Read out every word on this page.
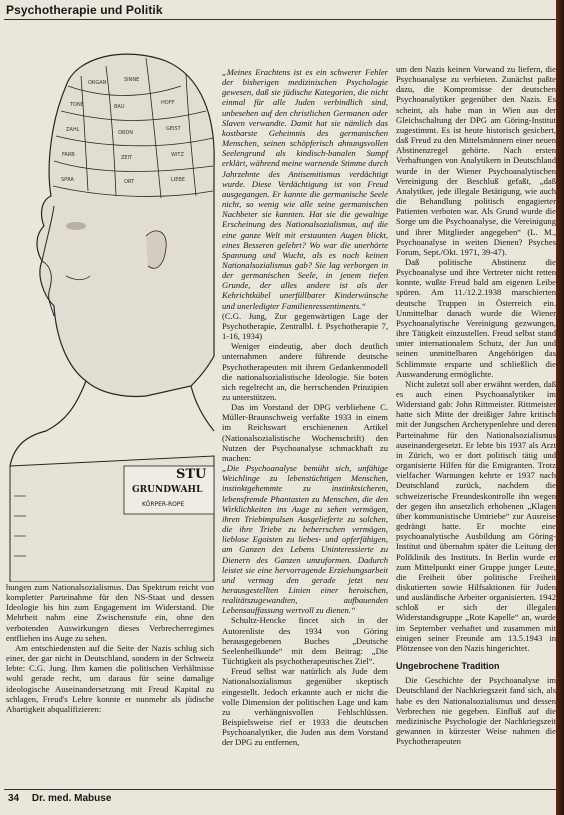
Psychotherapie und Politik
ORGAN	SINNE
TONE	BAU
HOFF
ZAHL	ORDN
GEIST
FARB	ZEIT	WITZ
SPRA	ORT	LIEBE
STU
GRUNDWAHL
KÖRPER-ROPE

hungen zum Nationalsozialismus. Das Spektrum reicht von kompletter Parteinahme für den NS-Staat und dessen Ideologie bis hin zum Engagement im Widerstand. Die Mehrheit nahm eine Zwischenstufe ein, ohne den verbotenden Auswirkungen dieses Verbrecherregimes entfliehen ins Auge zu sehen.

Am entschiedensten auf die Seite der Nazis schlug sich einer, der gar nicht in Deutschland, sondern in der Schweiz lebte: C.G. Jung. Ihm kamen die politischen Verhältnisse wohl gerade recht, um daraus für seine damalige ideologische Auseinandersetzung mit Freud Kapital zu schlagen, Freud's Lehre konnte er nunmehr als jüdische Abartigkeit abqualifizieren:

„Meines Erachtens ist es ein schwerer Fehler der bisherigen medizinischen Psychologie gewesen, daß sie jüdische Kategorien, die nicht einmal für alle Juden verbindlich sind, unbesehen auf den christlichen Germanen oder Slaven verwandte. Damit hat sie nämlich das kostbarste Geheimnis des germanischen Menschen, seinen schöpferisch ahnungsvollen Seelengrund als kindisch-banalen Sumpf erklärt, während meine warnende Stimme durch Jahrzehnte des Antisemitismus verdächtigt wurde. Diese Verdächtigung ist von Freud ausgegangen. Er kannte die germanische Seele nicht, so wenig wie alle seine germanischen Nachbeter sie kannten. Hat sie die gewaltige Erscheinung des Nationalsozialismus, auf die eine ganze Welt mit erstaunten Augen blickt, eines Besseren gelehrt? Wo war die unerhörte Spannung und Wucht, als es noch keinen Nationalsozialismus gab? Sie lag verborgen in der germanischen Seele, in jenem tiefen Grunde, der alles andere ist als der Kehrichtkübel unerfüllbarer Kinderwünsche und unerledigter Familienressentiments.“

(C.G. Jung, Zur gegenwärtigen Lage der Psychotherapie, Zentralbl. f. Psychotherapie 7, 1-16, 1934)

Weniger eindeutig, aber doch deutlich unternahmen andere führende deutsche Psychotherapeuten mit ihrem Gedankenmodell die nationalsozialistische Ideologie. Sie boten sich regelrecht an, die herrschenden Prinzipien zu unterstützen.

Das im Vorstand der DPG verbliebene C. Müller-Braunschweig verfaßte 1933 in einem im Reichswart erschienenen Artikel (Nationalsozialistische Wochenschrift) den Nutzen der Psychoanalyse schmackhaft zu machen:

„Die Psychoanalyse bemüht sich, unfähige Weichlinge zu lebenstüchtigen Menschen, instinktgehemmte zu instinktsicheren, lebensfremde Phantasten zu Menschen, die den Wirklichkeiten ins Auge zu sehen vermögen, ihren Triebimpulsen Ausgelieferte zu solchen, die ihre Triebe zu beherrschen vermögen, lieblose Egoisten zu liebes- und opferfähigen, am Ganzen des Lebens Uninteressierte zu Dienern des Ganzen umzuformen. Dadurch leistet sie eine hervorragende Erziehungsarbeit und vermag den gerade jetzt neu herausgestellten Linien einer heroischen, realitätszugewandten, aufbauenden Lebensauffassung wertvoll zu dienen.“

Schultz-Hencke fincet sich in der Autorenliste des 1934 von Göring herausgegebenen Buches „Deutsche Seelenheilkunde“ mit dem Beitrag: „Die Tüchtigkeit als psychotherapeutisches Ziel“.

Freud selbst war natürlich als Jude dem Nationalsozialismus gegenüber skeptisch eingestellt. Jedoch erkannte auch er nicht die volle Dimension der politischen Lage und kam zu verhängnisvollen Fehlschlüssen. Beispielsweise rief er 1933 die deutschen Psychoanalytiker, die Juden aus dem Vorstand der DPG zu entfernen,

um den Nazis keinen Vorwand zu liefern, die Psychoanalyse zu verbieten. Zunächst paßte dazu, die Kompromisse der deutschen Psychoanalytiker gegenüber den Nazis. Es scheint, als habe man in Wien aus der Gleichschaltung der DPG am Göring-Institut zugestimmt. Es ist heute historisch gesichert, daß Freud zu den Mittelsmännern einer neuen Abstinenzregel gehörte. Nach ersten Verhaftungen von Analytikern in Deutschland wurde in der Wiener Psychoanalytischen Vereinigung der Beschluß gefaßt, „daß Analytiker, jede illegale Betätigung, wie auch die Behandlung politisch engagierter Patienten verboten war. Als Grund wurde die Sorge um die Psychoanalyse, die Vereinigung und ihrer Mitglieder angegeben“ (L. M., Psychoanalyse in weiten Dienen? Psyches Forum, Sept./Okt. 1971, 39-47).

Daß politische Abstinenz die Psychoanalyse und ihre Vertreter nicht retten konnte, wußte Freud bald am eigenen Leibe spüren. Am 11./12.2.1938 marschierten deutsche Truppen in Österreich ein. Unmittelbar danach wurde die Wiener Psychoanalytische Vereinigung gezwungen, ihre Tätigkeit einzustellen. Freud selbst stand unter internationalem Schutz, der Jun und seinen unmittelbaren Angehörigen das Schlimmste ersparte und schließlich die Auswanderung ermöglichte.

Nicht zuletzt soll aber erwähnt werden, daß es auch einen Psychoanalytiker im Widerstand gab: John Rittmeister. Rittmeister hatte sich Mitte der dreißiger Jahre kritisch mit der Jungschen Archetypenlehre und deren Parteinahme für den Nationalsozialismus auseinandergesetzt. Er lebte bis 1937 als Arzt in Zürich, wo er dort politisch tätig und organisierte Hilfen für die Emigranten. Trotz vielfacher Warnungen kehrte er 1937 nach Deutschland zurück, nachdem die schweizerische Freundeskontrolle ihn wegen der gegen ihn ansetzlich erhobenen „Klagen über kommunistische Umtriebe“ zur Ausreise gedrängt hatte. Er mochte eine psychoanalytische Ausbildung am Göring-Institut und übernahm später die Leitung der Poliklinik des Instituts. In Berlin wurde er zum Mittelpunkt einer Gruppe junger Leute, die Freiheit über politische Freiheit diskutierten sowie Hilfsaktionen für Juden und ausländische Arbeiter organisierten. 1942 schloß er sich der illegalen Widerstandsgruppe „Rote Kapelle“ an, wurde im September verhaftet und zusammen mit einigen seiner Freunde am 13.5.1943 in Plötzensee von den Nazis hingerichtet.

Ungebrochene Tradition

Die Geschichte der Psychoanalyse im Deutschland der Nachkriegszeit fand sich, als habe es den Nationalsozialismus und dessen Verbrechen nie gegeben. Einfluß auf die medizinische Psychologie der Nachkriegszeit gewannen in kürzester Weise nahmen die Psychotherapeuten

34 Dr. med. Mabuse
